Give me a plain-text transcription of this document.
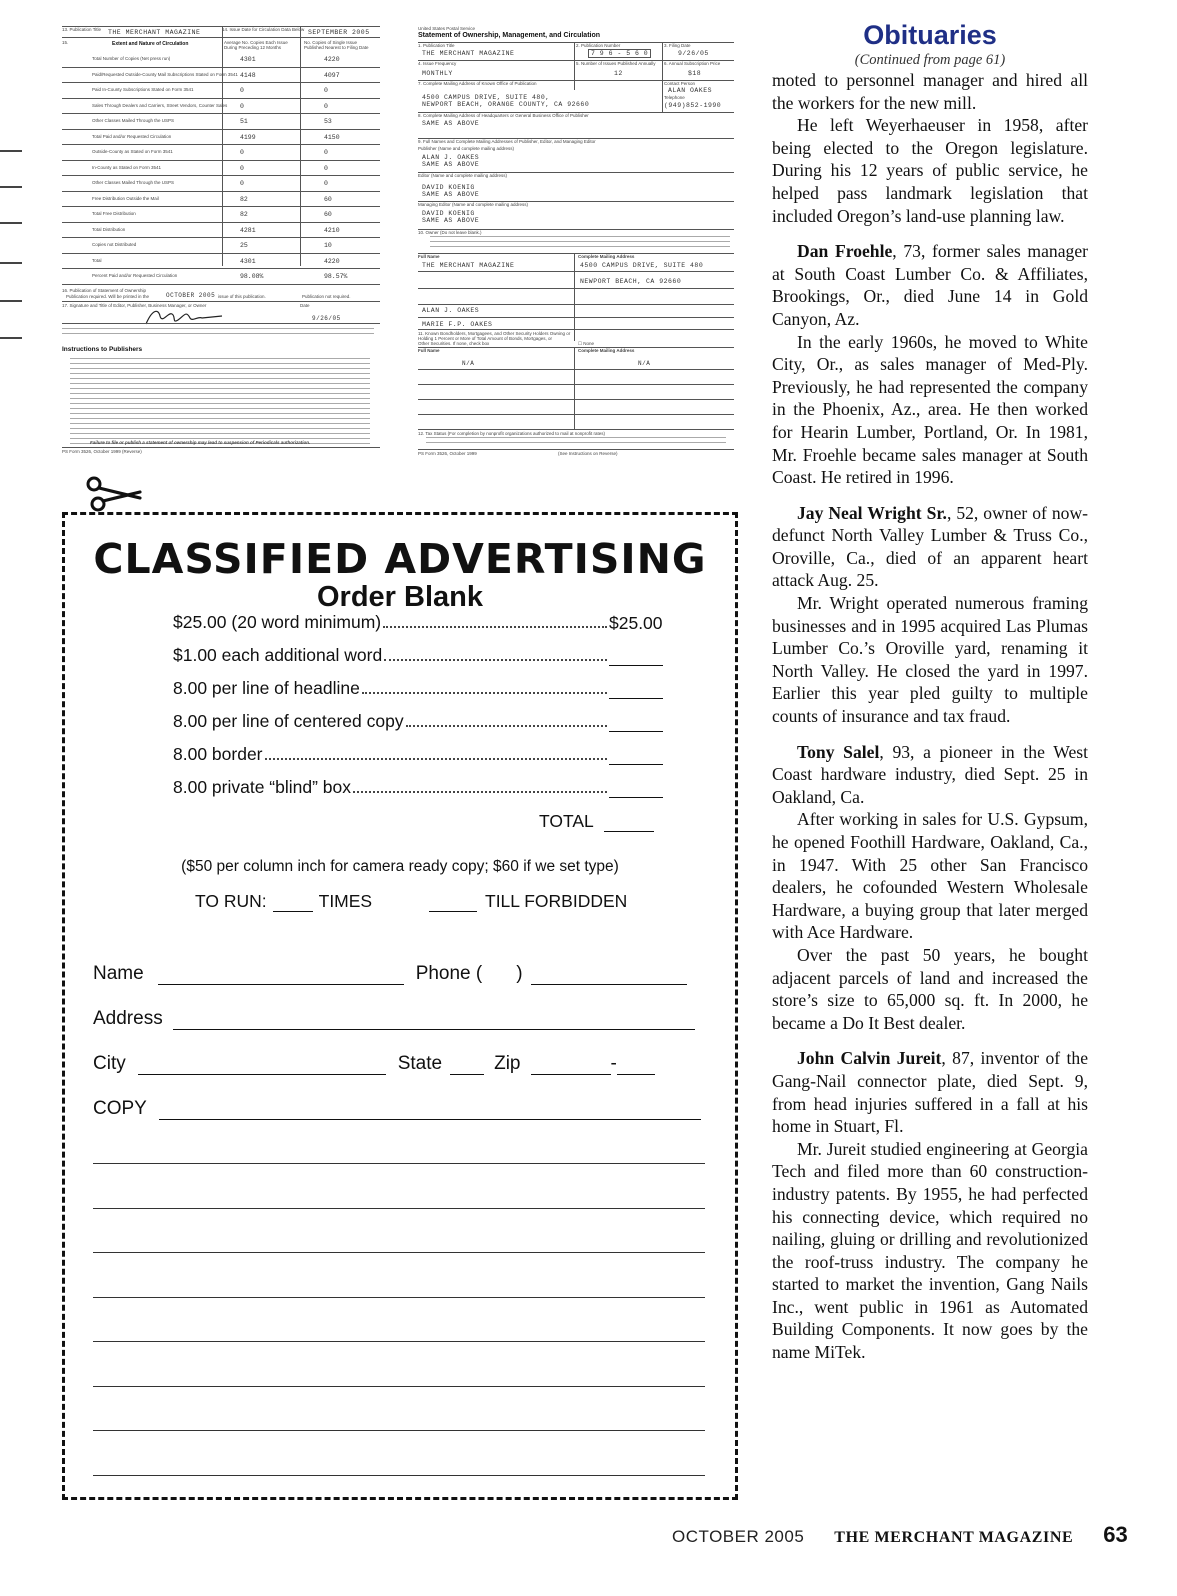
13. Publication Title THE MERCHANT MAGAZINE	14. Issue Date for Circulation Data Below SEPTEMBER 2005
15.	Extent and Nature of Circulation	Average No. Copies Each Issue During Preceding 12 Months
No. Copies of Single Issue Published Nearest to Filing Date
Total Number of Copies (Net press run)	4301	4220
Paid/Requested Outside-County Mail Subscriptions Stated on Form 3541 4148	4097
Paid In-County Subscriptions Stated on Form 3541	0	0
Sales Through Dealers and Carriers, Street Vendors, Counter Sales 0	0
Other Classes Mailed Through the USPS	51	53
Total Paid and/or Requested Circulation	4199	4150
Outside-County as Stated on Form 3541	0	0
In-County as Stated on Form 3541	0	0
Other Classes Mailed Through the USPS	0	0
Free Distribution Outside the Mail	82	60
Total Free Distribution	82	60
Total Distribution	4281	4210
Copies not Distributed	25	10
Total	4301	4220
Percent Paid and/or Requested Circulation	98.08%	98.57%
16. Publication of Statement of Ownership
Publication required. Will be printed in the	OCTOBER 2005 issue of this publication.	Publication not required.
17. Signature and Title of Editor, Publisher, Business Manager, or Owner	Date
9/26/05
Instructions to Publishers
Failure to file or publish a statement of ownership may lead to suspension of Periodicals authorization.
PS Form 3526, October 1999 (Reverse)
United States Postal Service
Statement of Ownership, Management, and Circulation
1. Publication Title
THE MERCHANT MAGAZINE
2. Publication Number
7 9 6 - 5 6 0
3. Filing Date
9/26/05
4. Issue Frequency
MONTHLY
5. Number of Issues Published Annually
12
6. Annual Subscription Price
$18
7. Complete Mailing Address of Known Office of Publication
4500 CAMPUS DRIVE, SUITE 480,
NEWPORT BEACH, ORANGE COUNTY, CA 92660
Contact Person
ALAN OAKES
Telephone
(949)852-1990
8. Complete Mailing Address of Headquarters or General Business Office of Publisher
SAME AS ABOVE
9. Full Names and Complete Mailing Addresses of Publisher, Editor, and Managing Editor
Publisher (Name and complete mailing address)
ALAN J. OAKES
SAME AS ABOVE
Editor (Name and complete mailing address)
DAVID KOENIG
SAME AS ABOVE
Managing Editor (Name and complete mailing address)
DAVID KOENIG
SAME AS ABOVE
10. Owner (Do not leave blank.)
Full Name	Complete Mailing Address
THE MERCHANT MAGAZINE	4500 CAMPUS DRIVE, SUITE 480
NEWPORT BEACH, CA 92660
ALAN J. OAKES
MARIE F.P. OAKES
11. Known Bondholders, Mortgagees, and Other Security Holders Owning or
Holding 1 Percent or More of Total Amount of Bonds, Mortgages, or
Other Securities. If none, check box	☐ None
Full Name	Complete Mailing Address
N/A	N/A
12. Tax Status (For completion by nonprofit organizations authorized to mail at nonprofit rates)
PS Form 3526, October 1999	(See Instructions on Reverse)
CLASSIFIED ADVERTISING
Order Blank
$25.00 (20 word minimum)	$25.00
$1.00 each additional word
8.00 per line of headline
8.00 per line of centered copy
8.00 border
8.00 private “blind” box
TOTAL
($50 per column inch for camera ready copy; $60 if we set type)
TO RUN:	TIMES	TILL FORBIDDEN
Name	Phone ( )
Address
City	State	Zip	-
COPY
Obituaries
(Continued from page 61)

moted to personnel manager and hired all the workers for the new mill.

He left Weyerhaeuser in 1958, after being elected to the Oregon legislature. During his 12 years of public service, he helped pass landmark legislation that included Oregon’s land-use planning law.

Dan Froehle, 73, former sales manager at South Coast Lumber Co. & Affiliates, Brookings, Or., died June 14 in Gold Canyon, Az.

In the early 1960s, he moved to White City, Or., as sales manager of Med-Ply. Previously, he had represented the company in the Phoenix, Az., area. He then worked for Hearin Lumber, Portland, Or. In 1981, Mr. Froehle became sales manager at South Coast. He retired in 1996.

Jay Neal Wright Sr., 52, owner of now-defunct North Valley Lumber & Truss Co., Oroville, Ca., died of an apparent heart attack Aug. 25.

Mr. Wright operated numerous framing businesses and in 1995 acquired Las Plumas Lumber Co.’s Oroville yard, renaming it North Valley. He closed the yard in 1997. Earlier this year pled guilty to multiple counts of insurance and tax fraud.

Tony Salel, 93, a pioneer in the West Coast hardware industry, died Sept. 25 in Oakland, Ca.

After working in sales for U.S. Gypsum, he opened Foothill Hardware, Oakland, Ca., in 1947. With 25 other San Francisco dealers, he cofounded Western Wholesale Hardware, a buying group that later merged with Ace Hardware.

Over the past 50 years, he bought adjacent parcels of land and increased the store’s size to 65,000 sq. ft. In 2000, he became a Do It Best dealer.

John Calvin Jureit, 87, inventor of the Gang-Nail connector plate, died Sept. 9, from head injuries suffered in a fall at his home in Stuart, Fl.

Mr. Jureit studied engineering at Georgia Tech and filed more than 60 construction-industry patents. By 1955, he had perfected his connecting device, which required no nailing, gluing or drilling and revolutionized the roof-truss industry. The company he started to market the invention, Gang Nails Inc., went public in 1961 as Automated Building Components. It now goes by the name MiTek.

OCTOBER 2005 THE MERCHANT MAGAZINE 63
